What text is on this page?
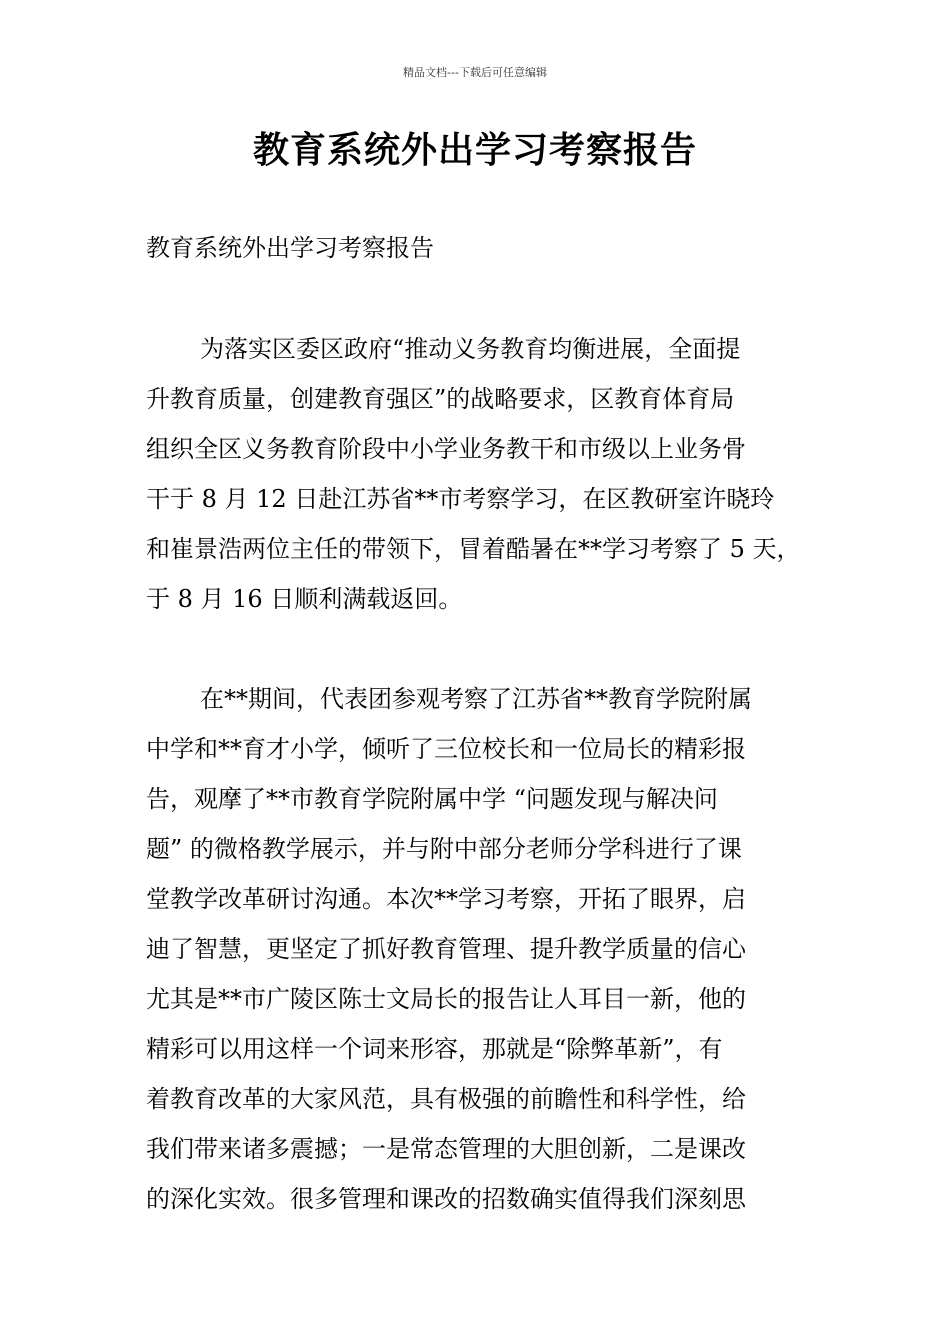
精品文档---下载后可任意编辑
教育系统外出学习考察报告
教育系统外出学习考察报告
为落实区委区政府“推动义务教育均衡进展，全面提
升教育质量，创建教育强区”的战略要求，区教育体育局
组织全区义务教育阶段中小学业务教干和市级以上业务骨
干于 8 月 12 日赴江苏省**市考察学习，在区教研室许晓玲
和崔景浩两位主任的带领下，冒着酷暑在**学习考察了 5 天，
于 8 月 16 日顺利满载返回。
在**期间，代表团参观考察了江苏省**教育学院附属
中学和**育才小学，倾听了三位校长和一位局长的精彩报
告，观摩了**市教育学院附属中学 “问题发现与解决问
题” 的微格教学展示，并与附中部分老师分学科进行了课
堂教学改革研讨沟通。本次**学习考察，开拓了眼界，启
迪了智慧，更坚定了抓好教育管理、提升教学质量的信心
尤其是**市广陵区陈士文局长的报告让人耳目一新，他的
精彩可以用这样一个词来形容，那就是“除弊革新”，有
着教育改革的大家风范，具有极强的前瞻性和科学性，给
我们带来诸多震撼；一是常态管理的大胆创新，二是课改
的深化实效。很多管理和课改的招数确实值得我们深刻思
